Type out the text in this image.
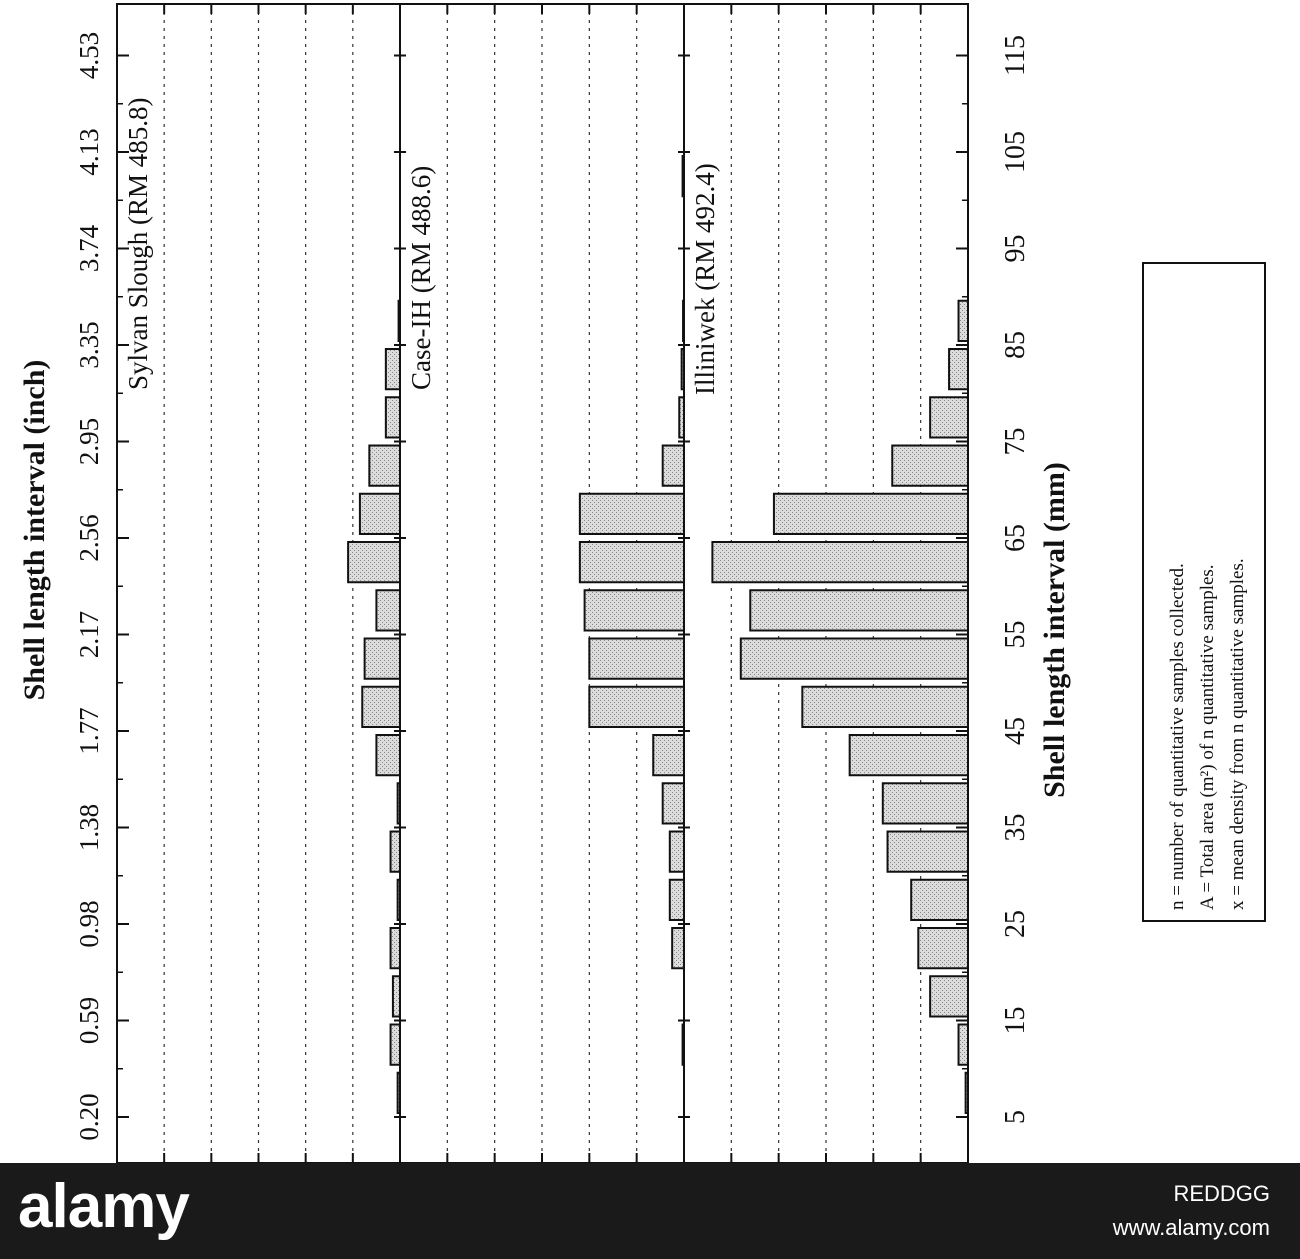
Sylvan Slough (RM 485.8)	Case-IH (RM 488.6)	Illiniwek (RM 492.4)
5
0.20
15
0.59
25
0.98
35
1.38
45
1.77
55
2.17
65
2.56
75
2.95
85
3.35
95
3.74
105
4.13
115
4.53
Shell length interval (inch)	Shell length interval (mm)	n = number of quantitative samples collected. A = Total area (m²) of n quantitative samples. x = mean density from n quantitative samples.
alamy	REDDGG
www.alamy.com
